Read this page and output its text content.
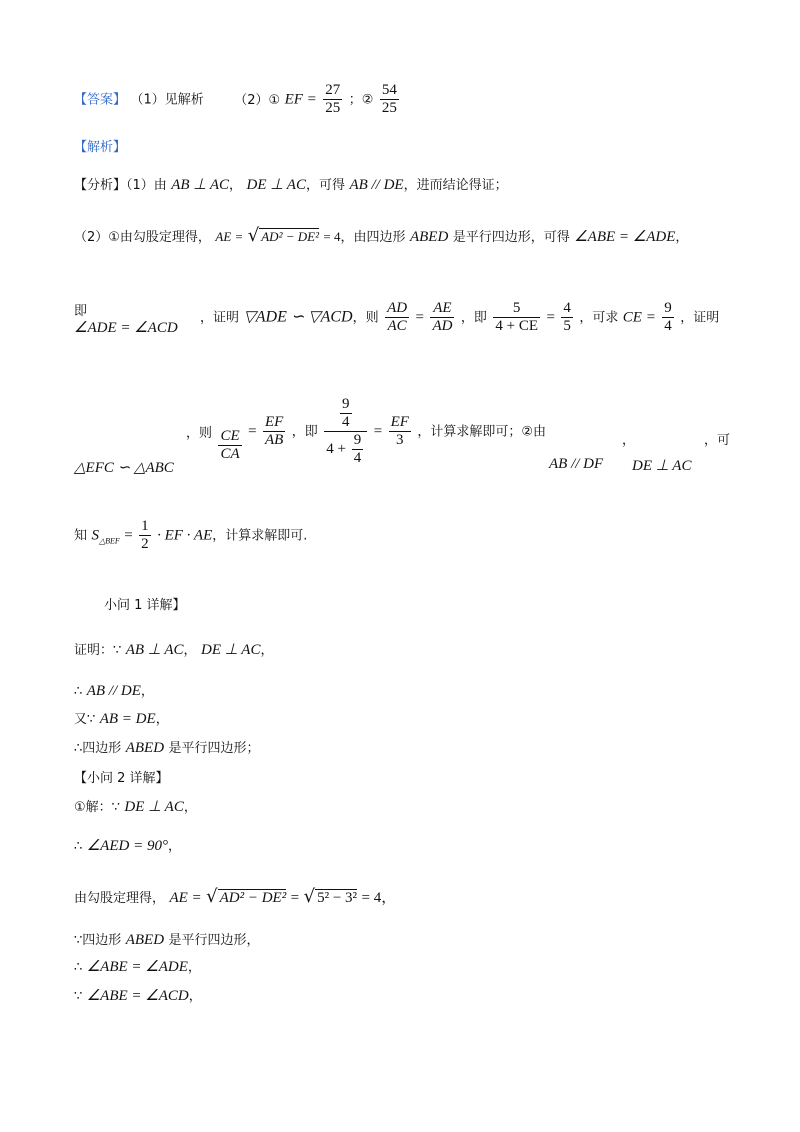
【答案】 （1）见解析 （2）① EF = $\frac{27}{25}$ ；② $\frac{54}{25}$
【解析】
【分析】（1）由 AB ⊥ AC， DE ⊥ AC，可得 AB // DE，进而结论得证；
（2）①由勾股定理得， AE = √ AD² − DE² = 4，由四边形 ABED 是平行四边形，可得 ∠ABE = ∠ADE，
即
∠ADE = ∠ACD
，证明 ▽ADE ∽ ▽ACD，则 $\frac{AD}{AC} = \frac{AE}{AD}$ ，即 $\frac{5}{4 + CE} = \frac{4}{5}$ ，可求 CE = $\frac{9}{4}$ ，证明
△EFC ∽ △ABC
，则 $\frac{CE}{CA} = \frac{EF}{AB}$ ，即 $\frac{\frac{9}{4}}{4 + \frac{9}{4}} = \frac{EF}{3}$ ，计算求解即可；②由
，	，可
AB // DF DE ⊥ AC
知 $S_{\triangle BEF} = \frac{1}{2}$ · EF · AE，计算求解即可.
小问 1 详解】
证明：∵ AB ⊥ AC， DE ⊥ AC，
∴ AB // DE，
又∵ AB = DE，
∴四边形 ABED 是平行四边形；
【小问 2 详解】
①解：∵ DE ⊥ AC，
∴ ∠AED = 90°，
由勾股定理得， AE = √ AD² − DE² = √ 5² − 3² = 4，
∵四边形 ABED 是平行四边形，
∴ ∠ABE = ∠ADE，
∵ ∠ABE = ∠ACD，
